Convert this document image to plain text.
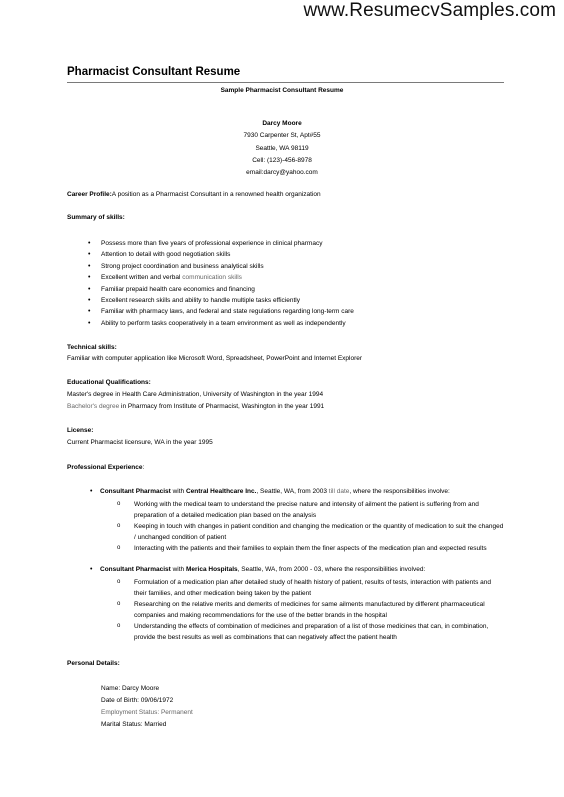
www.ResumecvSamples.com
Pharmacist Consultant Resume
Sample Pharmacist Consultant Resume
Darcy Moore
7930 Carpenter St, Apt#55
Seattle, WA 98119
Cell: (123)-456-8978
email:darcy@yahoo.com
Career Profile:A position as a Pharmacist Consultant in a renowned health organization
Summary of skills:
• Possess more than five years of professional experience in clinical pharmacy
• Attention to detail with good negotiation skills
• Strong project coordination and business analytical skills
• Excellent written and verbal communication skills
• Familiar prepaid health care economics and financing
• Excellent research skills and ability to handle multiple tasks efficiently
• Familiar with pharmacy laws, and federal and state regulations regarding long-term care
• Ability to perform tasks cooperatively in a team environment as well as independently
Technical skills:
Familiar with computer application like Microsoft Word, Spreadsheet, PowerPoint and Internet Explorer
Educational Qualifications:
Master's degree in Health Care Administration, University of Washington in the year 1994
Bachelor's degree in Pharmacy from Institute of Pharmacist, Washington in the year 1991
License:
Current Pharmacist licensure, WA in the year 1995
Professional Experience:
•	Consultant Pharmacist with Central Healthcare Inc., Seattle, WA, from 2003 till date, where the responsibilities involve:
o	Working with the medical team to understand the precise nature and intensity of ailment the patient is suffering from and preparation of a detailed medication plan based on the analysis
o	Keeping in touch with changes in patient condition and changing the medication or the quantity of medication to suit the changed / unchanged condition of patient
o	Interacting with the patients and their families to explain them the finer aspects of the medication plan and expected results
•	Consultant Pharmacist with Merica Hospitals, Seattle, WA, from 2000 - 03, where the responsibilities involved:
o	Formulation of a medication plan after detailed study of health history of patient, results of tests, interaction with patients and their families, and other medication being taken by the patient
o	Researching on the relative merits and demerits of medicines for same ailments manufactured by different pharmaceutical companies and making recommendations for the use of the better brands in the hospital
o	Understanding the effects of combination of medicines and preparation of a list of those medicines that can, in combination, provide the best results as well as combinations that can negatively affect the patient health
Personal Details:
Name: Darcy Moore
Date of Birth: 09/06/1972
Employment Status: Permanent
Marital Status: Married
